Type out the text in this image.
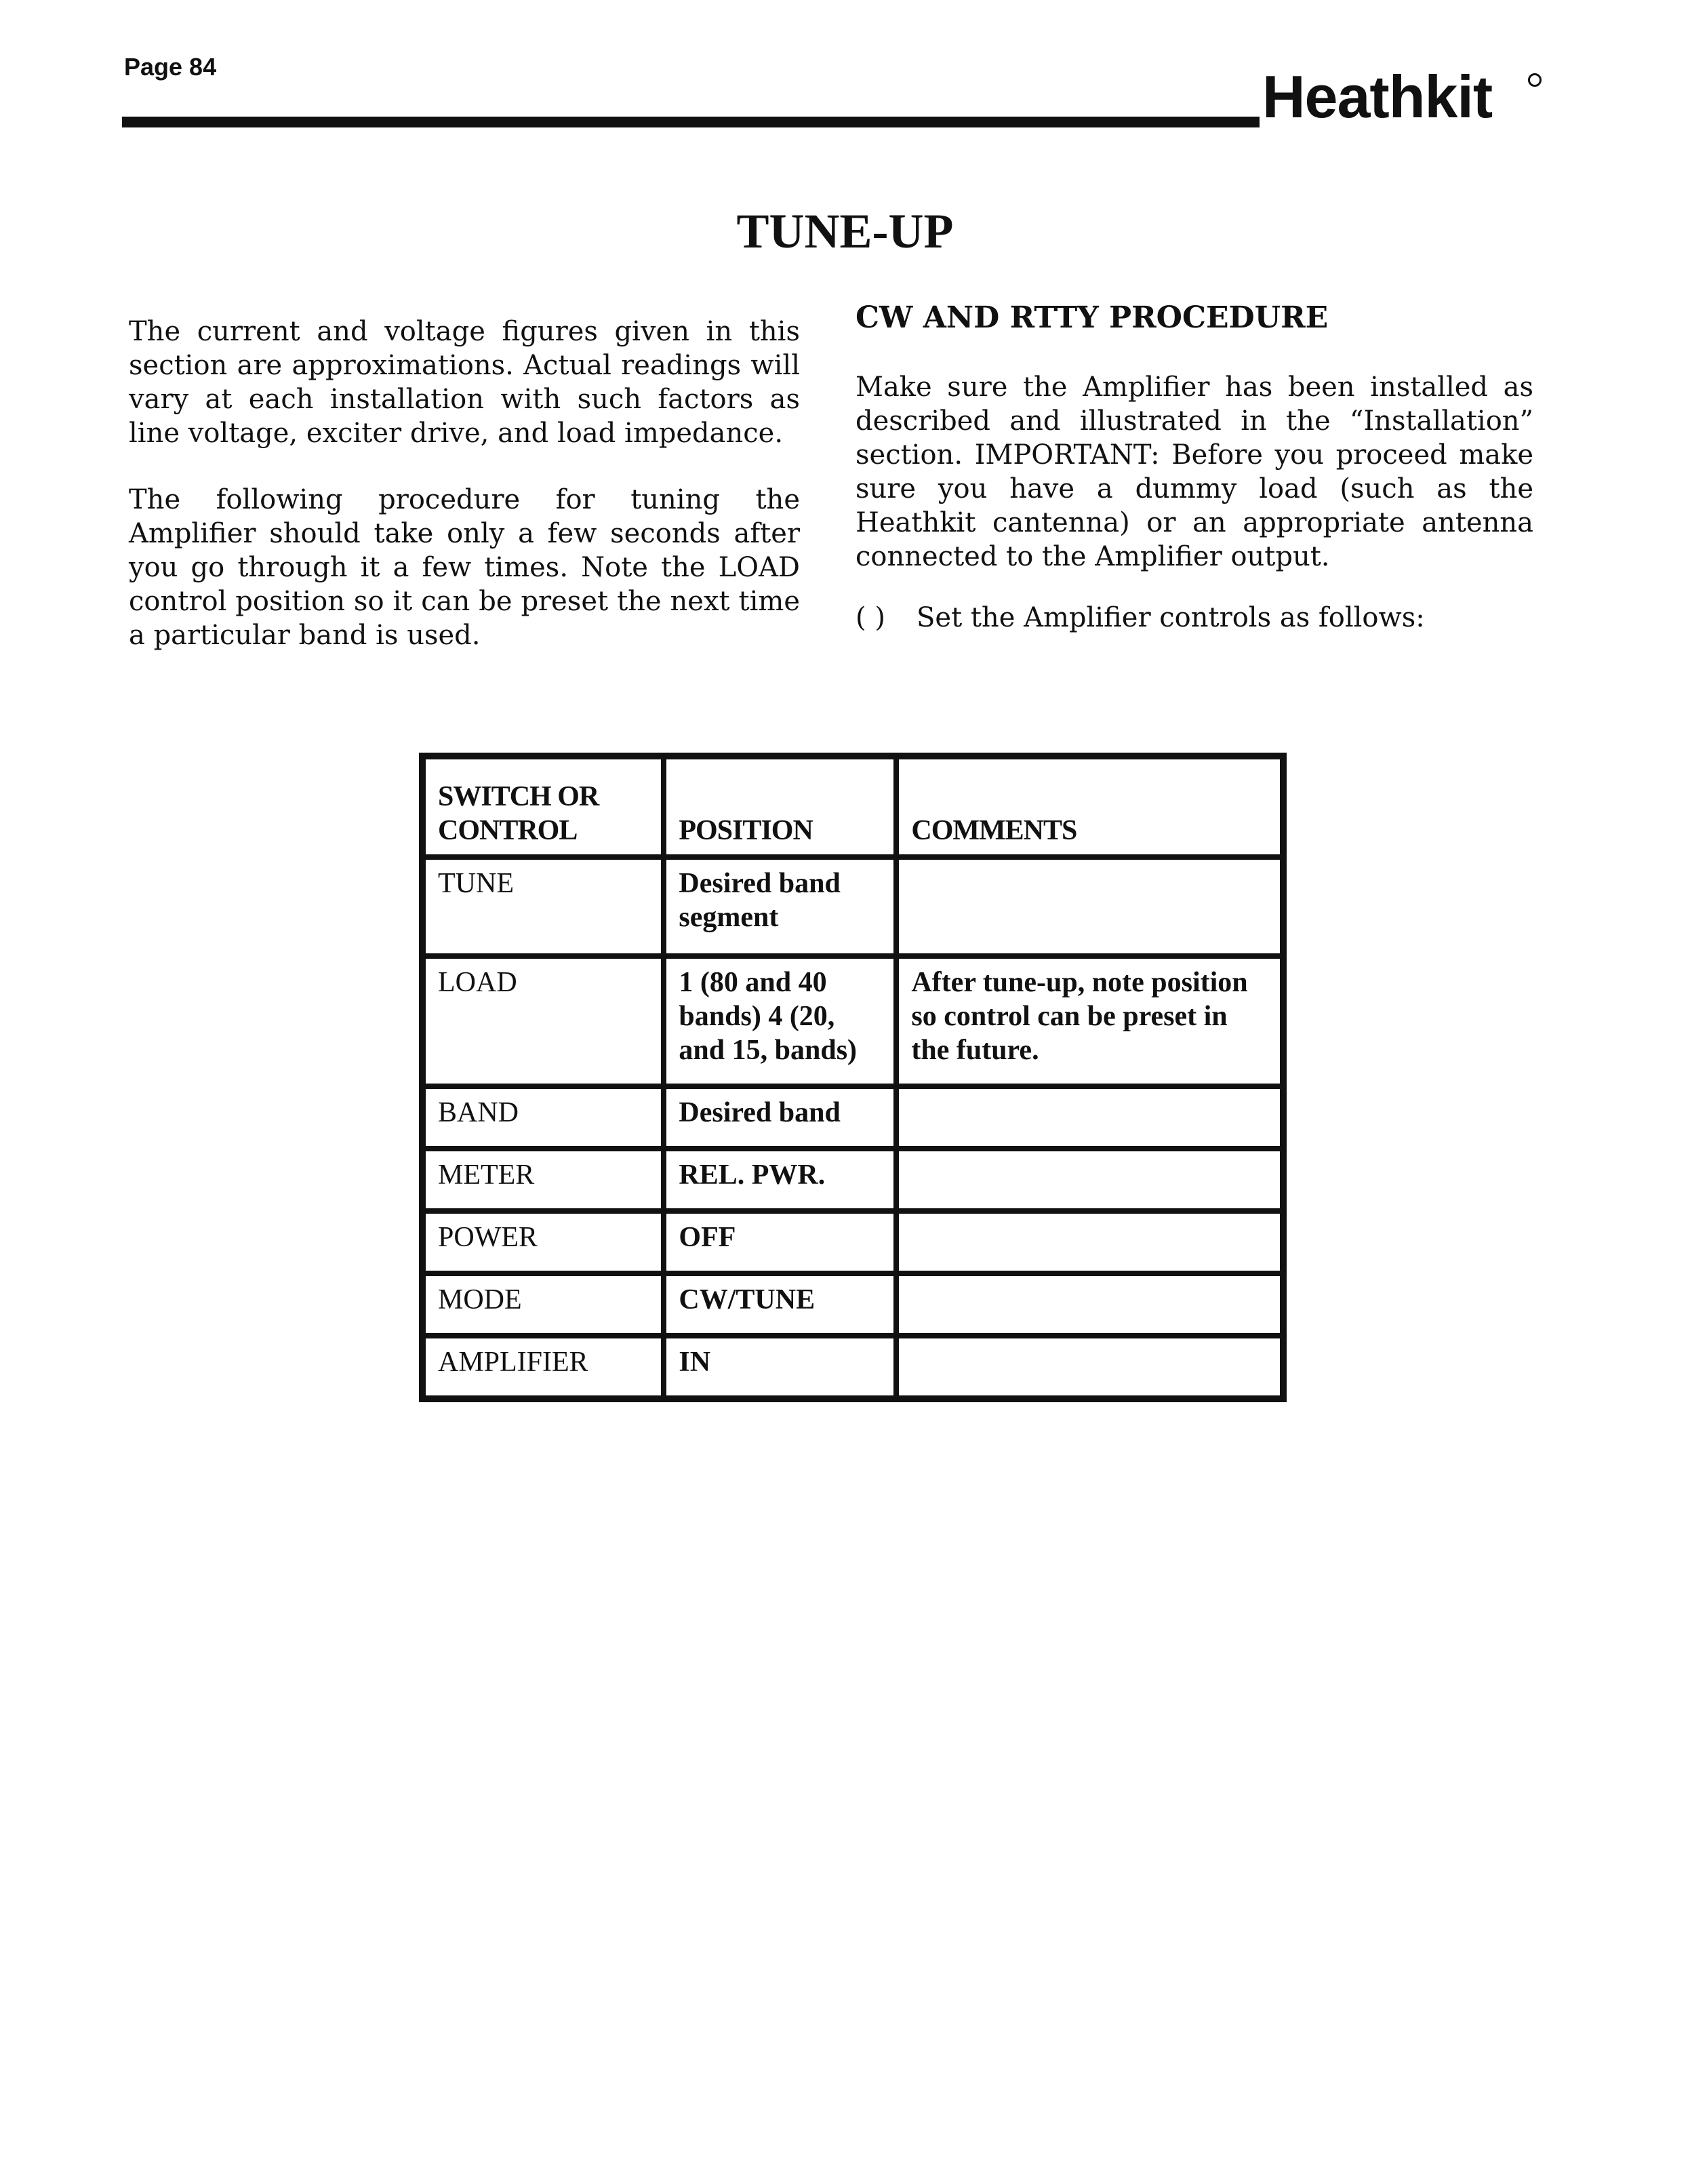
Page 84	Heathkit
TUNE-UP

The current and voltage figures given in this section are approximations. Actual readings will vary at each installation with such factors as line voltage, exciter drive, and load impedance.

The following procedure for tuning the Amplifier should take only a few seconds after you go through it a few times. Note the LOAD control position so it can be preset the next time a particular band is used.

CW AND RTTY PROCEDURE

Make sure the Amplifier has been installed as described and illustrated in the “Installation” section. IMPORTANT: Before you proceed make sure you have a dummy load (such as the Heathkit cantenna) or an appropriate antenna connected to the Amplifier output.

( )	Set the Amplifier controls as follows:
SWITCH OR CONTROL	POSITION	COMMENTS
TUNE	Desired band segment	
LOAD	1 (80 and 40 bands) 4 (20, and 15, bands)	After tune-up, note position so control can be preset in the future.
BAND	Desired band	
METER	REL. PWR.	
POWER	OFF	
MODE	CW/TUNE	
AMPLIFIER	IN	
